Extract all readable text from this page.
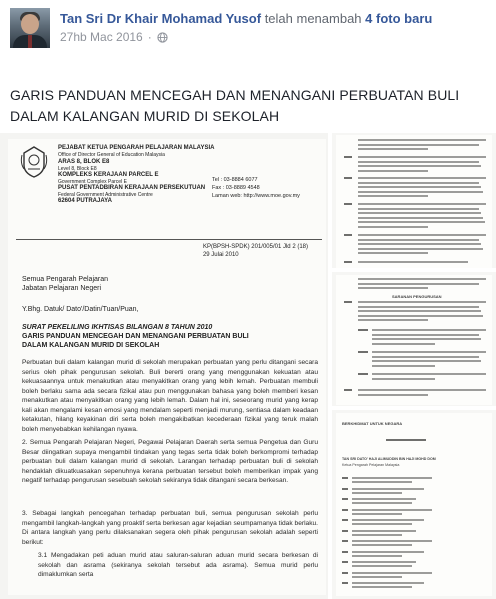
Tan Sri Dr Khair Mohamad Yusof telah menambah 4 foto baru
27hb Mac 2016 ·
GARIS PANDUAN MENCEGAH DAN MENANGANI PERBUATAN BULI DALAM KALANGAN MURID DI SEKOLAH
PEJABAT KETUA PENGARAH PELAJARAN MALAYSIA
Office of Director General of Education Malaysia
ARAS 8, BLOK E8
Level 8, Block E8
KOMPLEKS KERAJAAN PARCEL E
Government Complex Parcel E
PUSAT PENTADBIRAN KERAJAAN PERSEKUTUAN
Federal Government Administrative Centre
62604 PUTRAJAYA
Tel : 03-8884 6077
Fax : 03-8889 4548
Laman web: http://www.moe.gov.my
KP(BPSH-SPDK) 201/005/01 Jld 2 (18)
29 Julai 2010
Semua Pengarah Pelajaran
Jabatan Pelajaran Negeri
Y.Bhg. Datuk/ Dato'/Datin/Tuan/Puan,
SURAT PEKELILING IKHTISAS BILANGAN 8 TAHUN 2010
GARIS PANDUAN MENCEGAH DAN MENANGANI PERBUATAN BULI
DALAM KALANGAN MURID DI SEKOLAH
Perbuatan buli dalam kalangan murid di sekolah merupakan perbuatan yang perlu ditangani secara serius oleh pihak pengurusan sekolah. Buli bererti orang yang menggunakan kekuatan atau kekuasaannya untuk menakutkan atau menyakitkan orang yang lebih lemah. Perbuatan membuli boleh berlaku sama ada secara fizikal atau pun menggunakan bahasa yang boleh memberi kesan menakutkan atau menyakitkan orang yang lebih lemah. Dalam hal ini, seseorang murid yang kerap kali akan mengalami kesan emosi yang mendalam seperti menjadi murung, sentiasa dalam keadaan ketakutan, hilang keyakinan diri serta boleh mengakibatkan kecederaan fizikal yang teruk malah boleh menyebabkan kehilangan nyawa.
2. Semua Pengarah Pelajaran Negeri, Pegawai Pelajaran Daerah serta semua Pengetua dan Guru Besar diingatkan supaya mengambil tindakan yang tegas serta tidak boleh berkompromi terhadap perbuatan buli dalam kalangan murid di sekolah. Larangan terhadap perbuatan buli di sekolah hendaklah dikuatkuasakan sepenuhnya kerana perbuatan tersebut boleh memberikan impak yang negatif terhadap pengurusan sesebuah sekolah sekiranya tidak ditangani secara berkesan.
3. Sebagai langkah pencegahan terhadap perbuatan buli, semua pengurusan sekolah perlu mengambil langkah-langkah yang proaktif serta berkesan agar kejadian seumpamanya tidak berlaku. Di antara langkah yang perlu dilaksanakan segera oleh pihak pengurusan sekolah adalah seperti berikut:
3.1 Mengadakan peti aduan murid atau saluran-saluran aduan murid secara berkesan di sekolah dan asrama (sekiranya sekolah tersebut ada asrama). Semua murid perlu dimaklumkan serta
SARANAN PENGURUSAN
BERKHIDMAT UNTUK NEGARA
TAN SRI DATO' HAJI ALIMUDDIN BIN HAJI MOHD DOM
Ketua Pengarah Pelajaran Malaysia
